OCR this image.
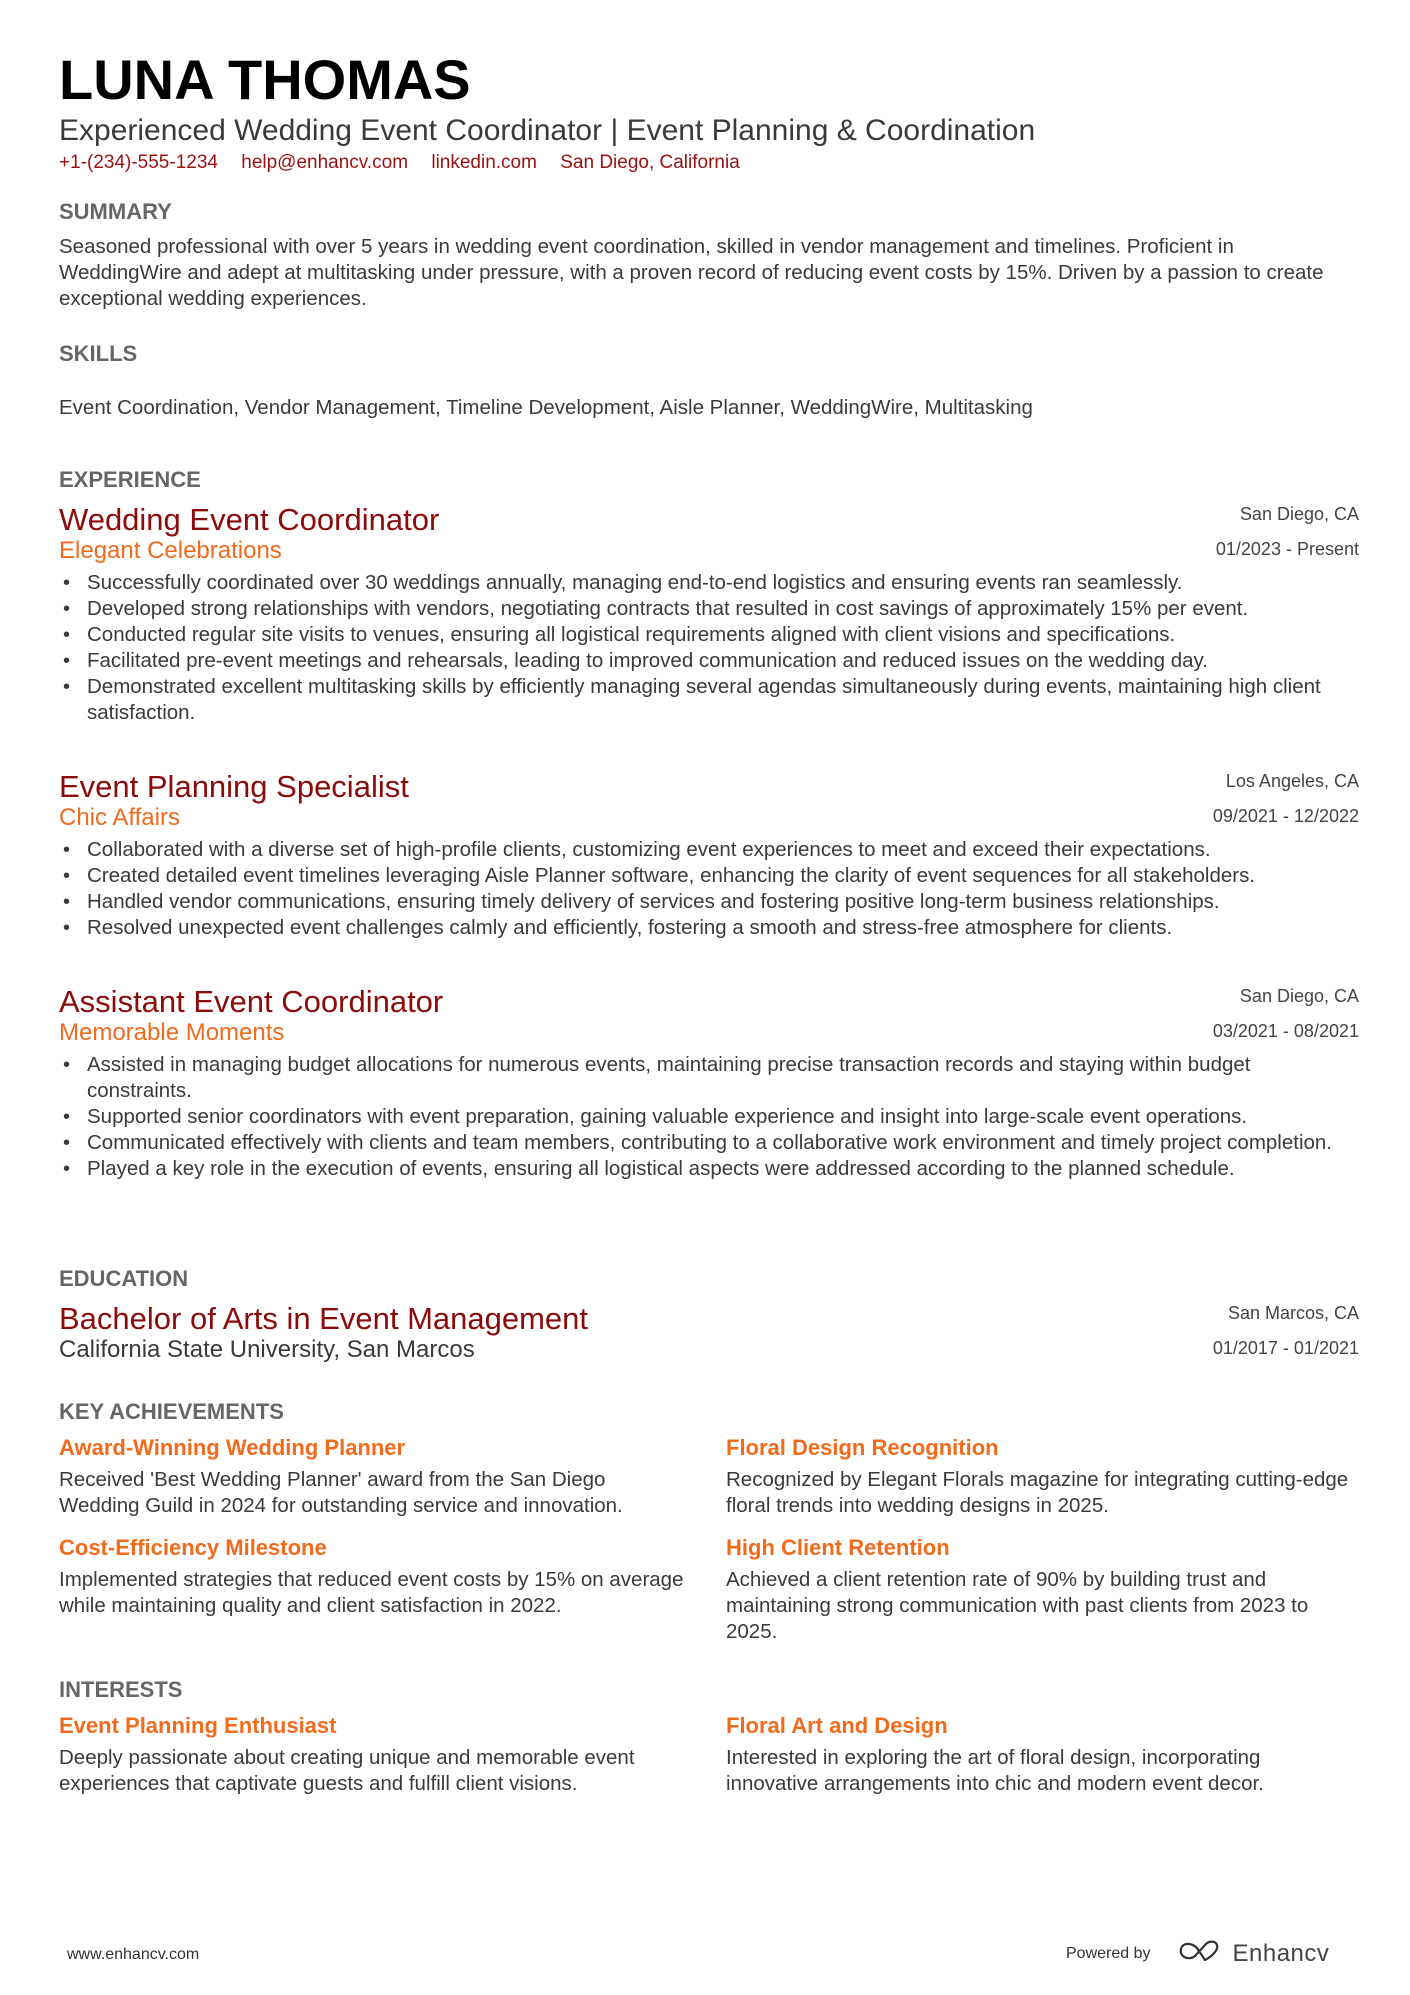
LUNA THOMAS
Experienced Wedding Event Coordinator | Event Planning & Coordination
+1-(234)-555-1234 help@enhancv.com linkedin.com San Diego, California
SUMMARY
Seasoned professional with over 5 years in wedding event coordination, skilled in vendor management and timelines. Proficient in WeddingWire and adept at multitasking under pressure, with a proven record of reducing event costs by 15%. Driven by a passion to create exceptional wedding experiences.
SKILLS
Event Coordination, Vendor Management, Timeline Development, Aisle Planner, WeddingWire, Multitasking
EXPERIENCE
Wedding Event Coordinator
Elegant Celebrations
San Diego, CA
01/2023 - Present
• Successfully coordinated over 30 weddings annually, managing end-to-end logistics and ensuring events ran seamlessly.
• Developed strong relationships with vendors, negotiating contracts that resulted in cost savings of approximately 15% per event.
• Conducted regular site visits to venues, ensuring all logistical requirements aligned with client visions and specifications.
• Facilitated pre-event meetings and rehearsals, leading to improved communication and reduced issues on the wedding day.
• Demonstrated excellent multitasking skills by efficiently managing several agendas simultaneously during events, maintaining high client satisfaction.
Event Planning Specialist
Chic Affairs
Los Angeles, CA
09/2021 - 12/2022
• Collaborated with a diverse set of high-profile clients, customizing event experiences to meet and exceed their expectations.
• Created detailed event timelines leveraging Aisle Planner software, enhancing the clarity of event sequences for all stakeholders.
• Handled vendor communications, ensuring timely delivery of services and fostering positive long-term business relationships.
• Resolved unexpected event challenges calmly and efficiently, fostering a smooth and stress-free atmosphere for clients.
Assistant Event Coordinator
Memorable Moments
San Diego, CA
03/2021 - 08/2021
• Assisted in managing budget allocations for numerous events, maintaining precise transaction records and staying within budget constraints.
• Supported senior coordinators with event preparation, gaining valuable experience and insight into large-scale event operations.
• Communicated effectively with clients and team members, contributing to a collaborative work environment and timely project completion.
• Played a key role in the execution of events, ensuring all logistical aspects were addressed according to the planned schedule.
EDUCATION
Bachelor of Arts in Event Management
California State University, San Marcos
San Marcos, CA
01/2017 - 01/2021
KEY ACHIEVEMENTS
Award-Winning Wedding Planner
Received 'Best Wedding Planner' award from the San Diego Wedding Guild in 2024 for outstanding service and innovation.
Floral Design Recognition
Recognized by Elegant Florals magazine for integrating cutting-edge floral trends into wedding designs in 2025.
Cost-Efficiency Milestone
Implemented strategies that reduced event costs by 15% on average while maintaining quality and client satisfaction in 2022.
High Client Retention
Achieved a client retention rate of 90% by building trust and maintaining strong communication with past clients from 2023 to 2025.
INTERESTS
Event Planning Enthusiast
Deeply passionate about creating unique and memorable event experiences that captivate guests and fulfill client visions.
Floral Art and Design
Interested in exploring the art of floral design, incorporating innovative arrangements into chic and modern event decor.
www.enhancv.com	Powered by	Enhancv
